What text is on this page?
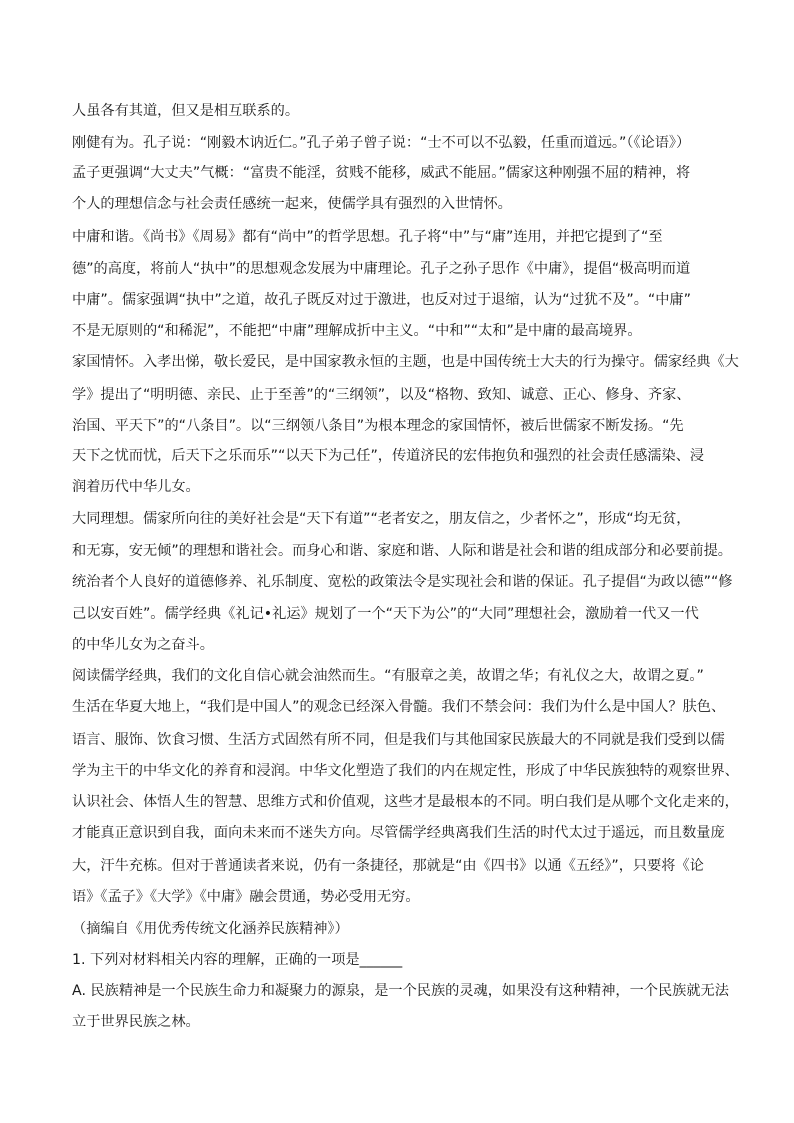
人虽各有其道，但又是相互联系的。
刚健有为。孔子说：“刚毅木讷近仁。”孔子弟子曾子说：“士不可以不弘毅，任重而道远。”（《论语》）
孟子更强调“大丈夫”气概：“富贵不能淫，贫贱不能移，威武不能屈。”儒家这种刚强不屈的精神，将
个人的理想信念与社会责任感统一起来，使儒学具有强烈的入世情怀。
中庸和谐。《尚书》《周易》都有“尚中”的哲学思想。孔子将“中”与“庸”连用，并把它提到了“至
德”的高度，将前人“执中”的思想观念发展为中庸理论。孔子之孙子思作《中庸》，提倡“极高明而道
中庸”。儒家强调“执中”之道，故孔子既反对过于激进，也反对过于退缩，认为“过犹不及”。“中庸”
不是无原则的“和稀泥”，不能把“中庸”理解成折中主义。“中和”“太和”是中庸的最高境界。
家国情怀。入孝出悌，敬长爱民，是中国家教永恒的主题，也是中国传统士大夫的行为操守。儒家经典《大
学》提出了“明明德、亲民、止于至善”的“三纲领”，以及“格物、致知、诚意、正心、修身、齐家、
治国、平天下”的“八条目”。以“三纲领八条目”为根本理念的家国情怀，被后世儒家不断发扬。“先
天下之忧而忧，后天下之乐而乐”“以天下为己任”，传道济民的宏伟抱负和强烈的社会责任感濡染、浸
润着历代中华儿女。
大同理想。儒家所向往的美好社会是“天下有道”“老者安之，朋友信之，少者怀之”，形成“均无贫，
和无寡，安无倾”的理想和谐社会。而身心和谐、家庭和谐、人际和谐是社会和谐的组成部分和必要前提。
统治者个人良好的道德修养、礼乐制度、宽松的政策法令是实现社会和谐的保证。孔子提倡“为政以德”“修
己以安百姓”。儒学经典《礼记•礼运》规划了一个“天下为公”的“大同”理想社会，激励着一代又一代
的中华儿女为之奋斗。
阅读儒学经典，我们的文化自信心就会油然而生。“有服章之美，故谓之华；有礼仪之大，故谓之夏。”
生活在华夏大地上，“我们是中国人”的观念已经深入骨髓。我们不禁会问：我们为什么是中国人？肤色、
语言、服饰、饮食习惯、生活方式固然有所不同，但是我们与其他国家民族最大的不同就是我们受到以儒
学为主干的中华文化的养育和浸润。中华文化塑造了我们的内在规定性，形成了中华民族独特的观察世界、
认识社会、体悟人生的智慧、思维方式和价值观，这些才是最根本的不同。明白我们是从哪个文化走来的，
才能真正意识到自我，面向未来而不迷失方向。尽管儒学经典离我们生活的时代太过于遥远，而且数量庞
大，汗牛充栋。但对于普通读者来说，仍有一条捷径，那就是“由《四书》以通《五经》”，只要将《论
语》《孟子》《大学》《中庸》融会贯通，势必受用无穷。
（摘编自《用优秀传统文化涵养民族精神》）
1. 下列对材料相关内容的理解，正确的一项是______
A. 民族精神是一个民族生命力和凝聚力的源泉，是一个民族的灵魂，如果没有这种精神，一个民族就无法
立于世界民族之林。
